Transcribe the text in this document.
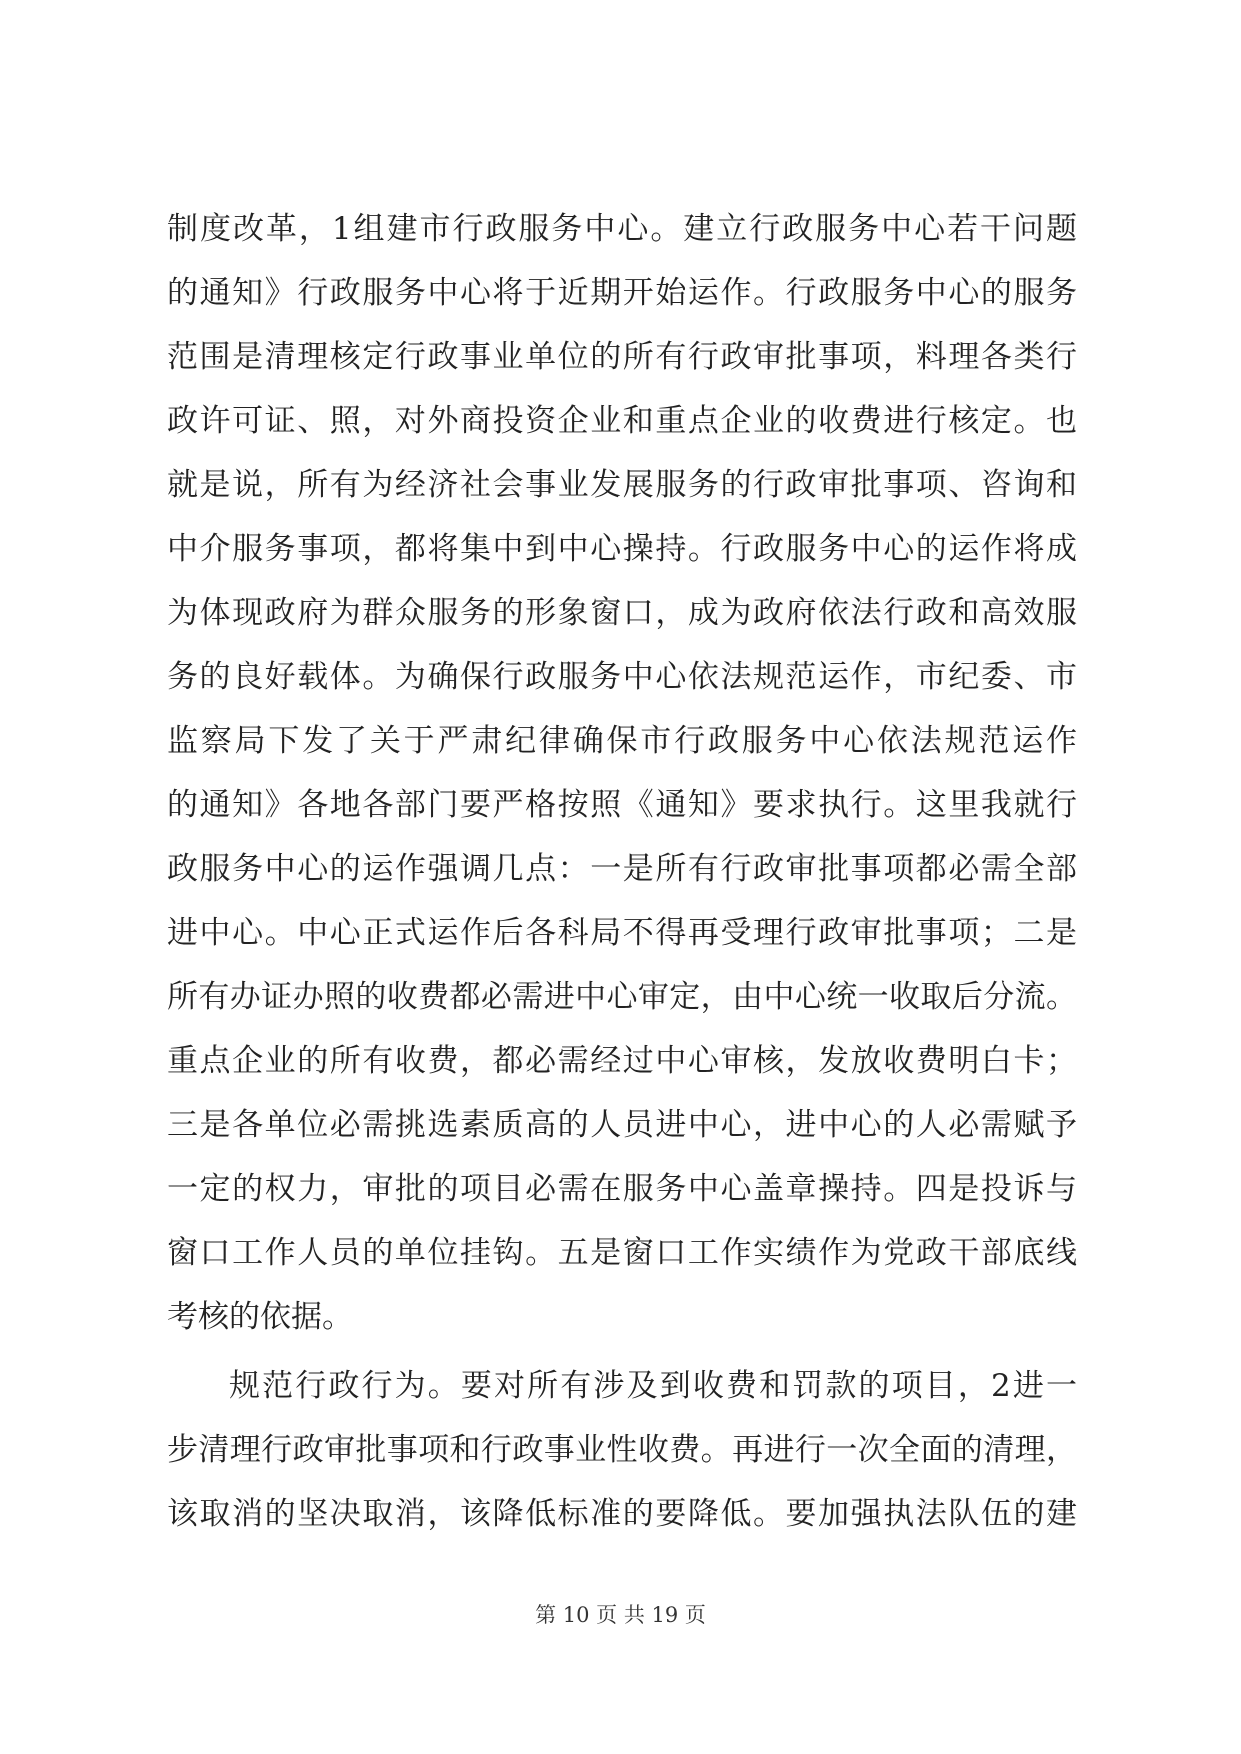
制度改革，1组建市行政服务中心。建立行政服务中心若干问题
的通知》行政服务中心将于近期开始运作。行政服务中心的服务
范围是清理核定行政事业单位的所有行政审批事项，料理各类行
政许可证、照，对外商投资企业和重点企业的收费进行核定。也
就是说，所有为经济社会事业发展服务的行政审批事项、咨询和
中介服务事项，都将集中到中心操持。行政服务中心的运作将成
为体现政府为群众服务的形象窗口，成为政府依法行政和高效服
务的良好载体。为确保行政服务中心依法规范运作，市纪委、市
监察局下发了关于严肃纪律确保市行政服务中心依法规范运作
的通知》各地各部门要严格按照《通知》要求执行。这里我就行
政服务中心的运作强调几点：一是所有行政审批事项都必需全部
进中心。中心正式运作后各科局不得再受理行政审批事项；二是
所有办证办照的收费都必需进中心审定，由中心统一收取后分流。
重点企业的所有收费，都必需经过中心审核，发放收费明白卡；
三是各单位必需挑选素质高的人员进中心，进中心的人必需赋予
一定的权力，审批的项目必需在服务中心盖章操持。四是投诉与
窗口工作人员的单位挂钩。五是窗口工作实绩作为党政干部底线
考核的依据。
规范行政行为。要对所有涉及到收费和罚款的项目，2进一
步清理行政审批事项和行政事业性收费。再进行一次全面的清理，
该取消的坚决取消，该降低标准的要降低。要加强执法队伍的建
第 10 页 共 19 页
